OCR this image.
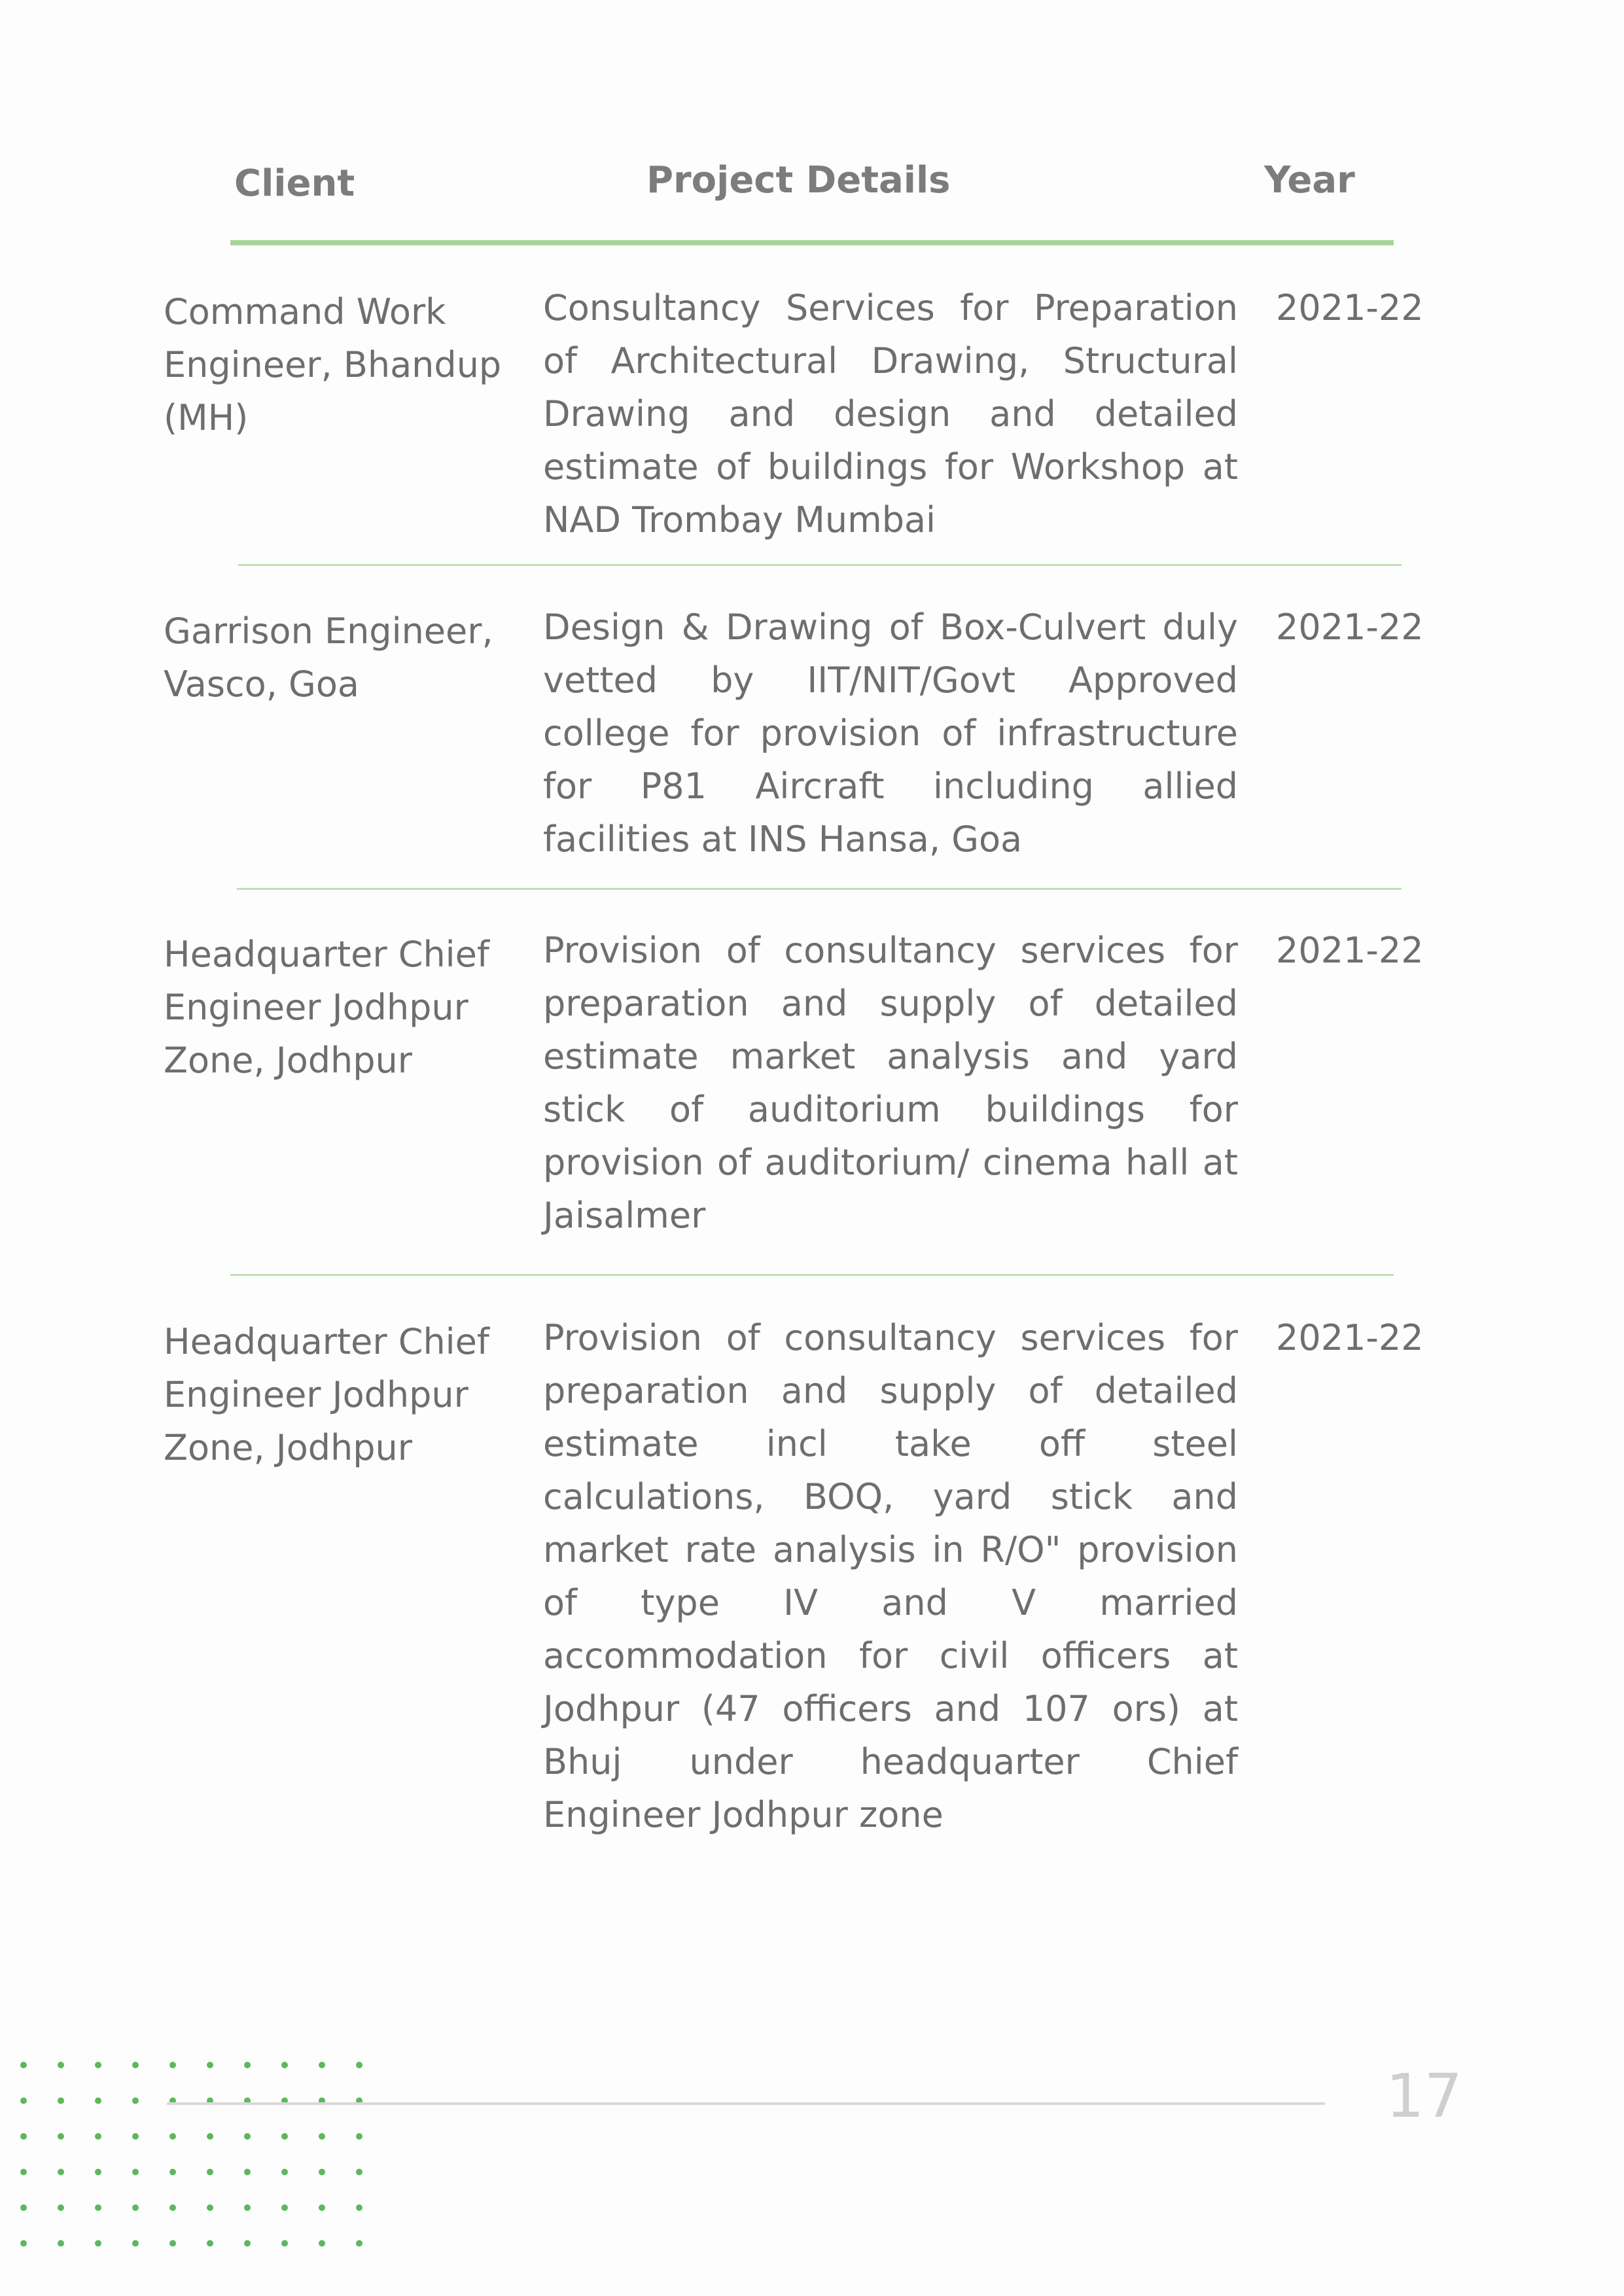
Client	Project Details	Year
Command Work
Engineer, Bhandup
(MH)
Consultancy Services for Preparation of Architectural Drawing, Structural Drawing and design and detailed estimate of buildings for Workshop at NAD Trombay Mumbai
2021-22
Garrison Engineer,
Vasco, Goa
Design & Drawing of Box-Culvert duly vetted by IIT/NIT/Govt Approved college for provision of infrastructure for P81 Aircraft including allied facilities at INS Hansa, Goa
2021-22
Headquarter Chief
Engineer Jodhpur
Zone, Jodhpur
Provision of consultancy services for preparation and supply of detailed estimate market analysis and yard stick of auditorium buildings for provision of auditorium/ cinema hall at Jaisalmer
2021-22
Headquarter Chief
Engineer Jodhpur
Zone, Jodhpur
Provision of consultancy services for preparation and supply of detailed estimate incl take off steel calculations, BOQ, yard stick and market rate analysis in R/O" provision of type IV and V married accommodation for civil officers at Jodhpur (47 officers and 107 ors) at Bhuj under headquarter Chief Engineer Jodhpur zone
2021-22
17
